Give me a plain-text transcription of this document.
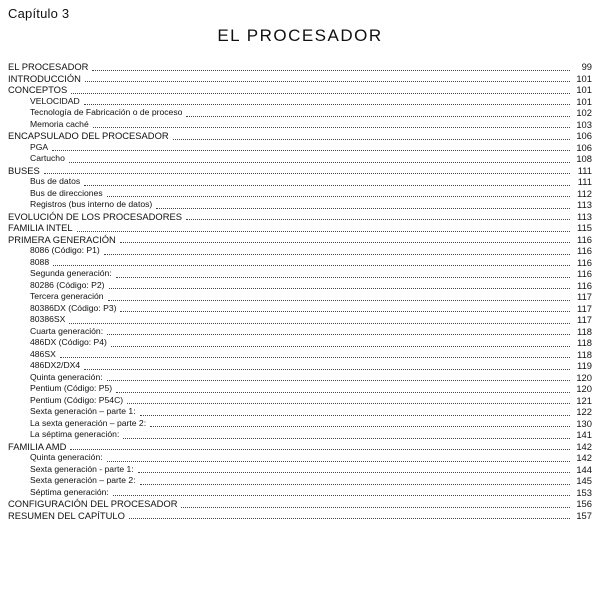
Capítulo 3
EL PROCESADOR
EL PROCESADOR	99
INTRODUCCIÓN	101
CONCEPTOS	101
VELOCIDAD	101
Tecnología de Fabricación o de proceso	102
Memoria caché	103
ENCAPSULADO DEL PROCESADOR	106
PGA	106
Cartucho	108
BUSES	111
Bus de datos	111
Bus de direcciones	112
Registros (bus interno de datos)	113
EVOLUCIÓN DE LOS PROCESADORES	113
FAMILIA INTEL	115
PRIMERA GENERACIÓN	116
8086 (Código: P1)	116
8088	116
Segunda generación:	116
80286 (Código: P2)	116
Tercera generación	117
80386DX (Código: P3)	117
80386SX	117
Cuarta generación:	118
486DX (Código: P4)	118
486SX	118
486DX2/DX4	119
Quinta generación:	120
Pentium (Código: P5)	120
Pentium (Código: P54C)	121
Sexta generación – parte 1:	122
La sexta generación – parte 2:	130
La séptima generación:	141
FAMILIA AMD	142
Quinta generación:	142
Sexta generación - parte 1:	144
Sexta generación – parte 2:	145
Séptima generación:	153
CONFIGURACIÓN DEL PROCESADOR	156
RESUMEN DEL CAPÍTULO	157
